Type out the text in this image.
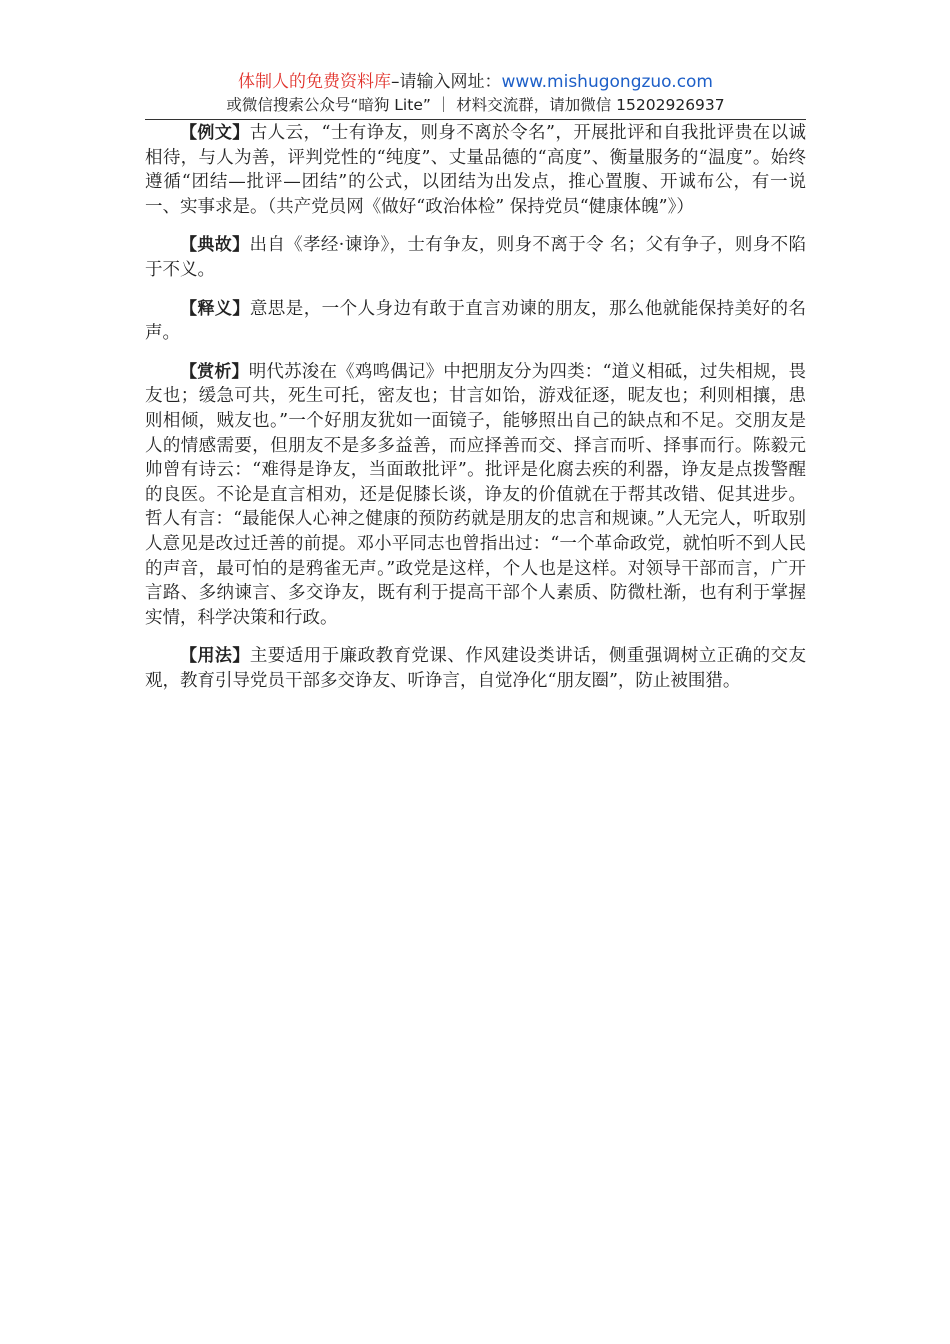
体制人的免费资料库–请输入网址：www.mishugongzuo.com
或微信搜索公众号“暗狗 Lite” ｜ 材料交流群，请加微信 15202926937

【例文】古人云，“士有诤友，则身不离於令名”，开展批评和自我批评贵在以诚相待，与人为善，评判党性的“纯度”、丈量品德的“高度”、衡量服务的“温度”。始终遵循“团结—批评—团结”的公式，以团结为出发点，推心置腹、开诚布公，有一说一、实事求是。（共产党员网《做好“政治体检” 保持党员“健康体魄”》）

【典故】出自《孝经·谏诤》，士有争友，则身不离于令 名；父有争子，则身不陷于不义。

【释义】意思是，一个人身边有敢于直言劝谏的朋友，那么他就能保持美好的名声。

【赏析】明代苏浚在《鸡鸣偶记》中把朋友分为四类：“道义相砥，过失相规，畏友也；缓急可共，死生可托，密友也；甘言如饴，游戏征逐，昵友也；利则相攘，患则相倾，贼友也。”一个好朋友犹如一面镜子，能够照出自己的缺点和不足。交朋友是人的情感需要，但朋友不是多多益善，而应择善而交、择言而听、择事而行。陈毅元帅曾有诗云：“难得是诤友，当面敢批评”。批评是化腐去疾的利器，诤友是点拨警醒的良医。不论是直言相劝，还是促膝长谈，诤友的价值就在于帮其改错、促其进步。哲人有言：“最能保人心神之健康的预防药就是朋友的忠言和规谏。”人无完人，听取别人意见是改过迁善的前提。邓小平同志也曾指出过：“一个革命政党，就怕听不到人民的声音，最可怕的是鸦雀无声。”政党是这样，个人也是这样。对领导干部而言，广开言路、多纳谏言、多交诤友，既有利于提高干部个人素质、防微杜渐，也有利于掌握实情，科学决策和行政。

【用法】主要适用于廉政教育党课、作风建设类讲话，侧重强调树立正确的交友观，教育引导党员干部多交诤友、听诤言，自觉净化“朋友圈”，防止被围猎。
